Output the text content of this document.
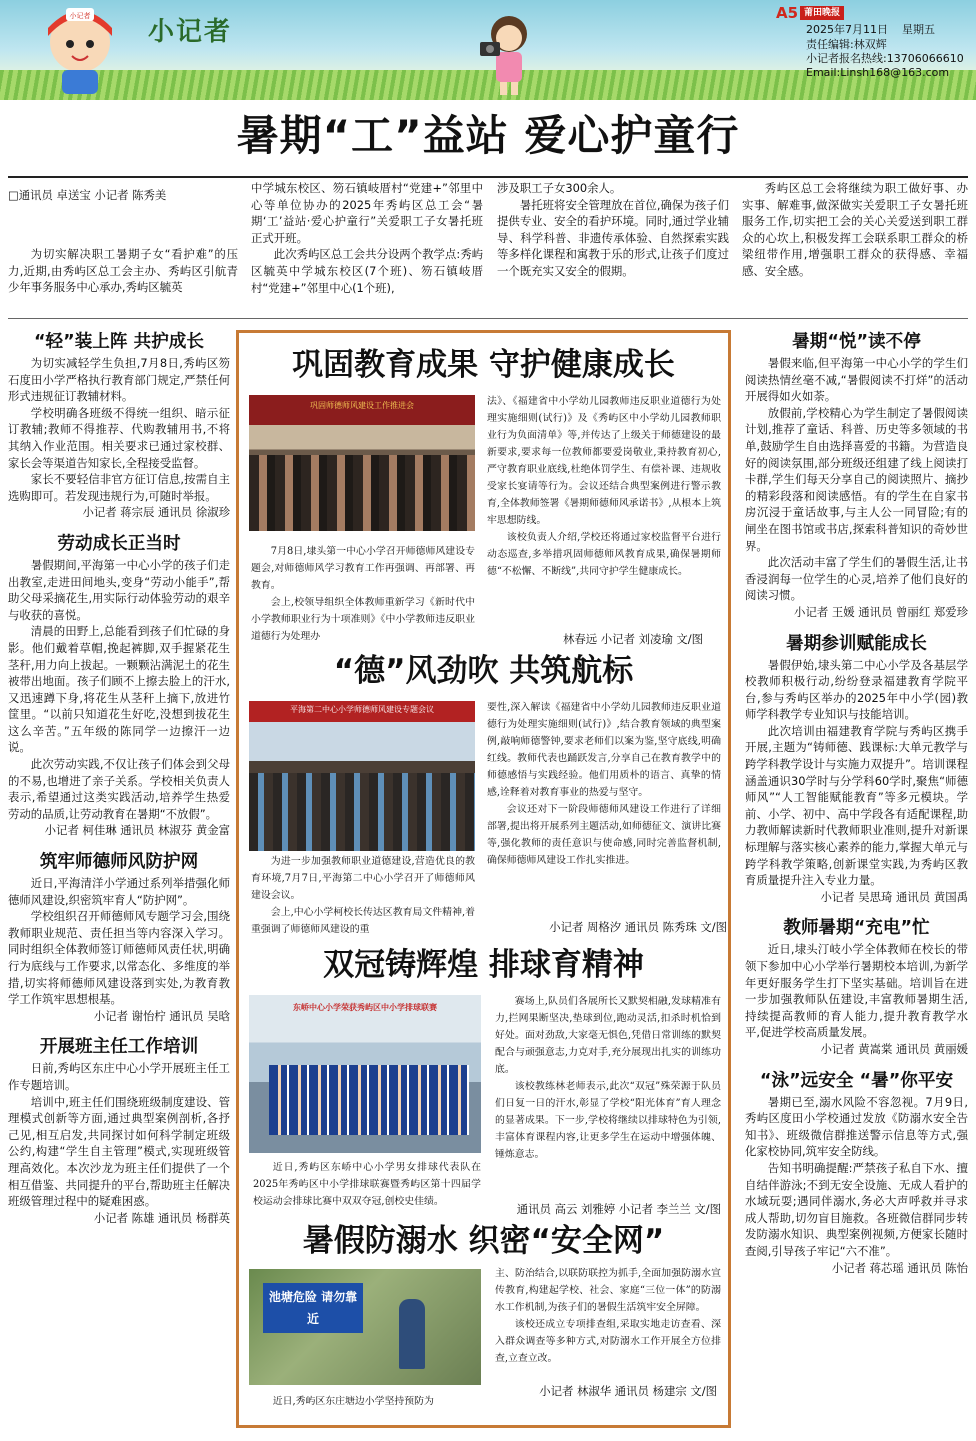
小记者
小记者
A5 莆田晚报
2025年7月11日 星期五
责任编辑:林双辉
小记者报名热线:13706066610
Email:Linsh168@163.com
暑期“工”益站 爱心护童行
□通讯员 卓送宝 小记者 陈秀美

为切实解决职工暑期子女“看护难”的压力,近期,由秀屿区总工会主办、秀屿区引航青少年事务服务中心承办,秀屿区毓英

中学城东校区、笏石镇岐厝村“党建+”邻里中心等单位协办的2025年秀屿区总工会“暑期‘工’益站·爱心护童行”关爱职工子女暑托班正式开班。

此次秀屿区总工会共分设两个教学点:秀屿区毓英中学城东校区(7个班)、笏石镇岐厝村“党建+”邻里中心(1个班),

涉及职工子女300余人。

暑托班将安全管理放在首位,确保为孩子们提供专业、安全的看护环境。同时,通过学业辅导、科学科普、非遗传承体验、自然探索实践等多样化课程和寓教于乐的形式,让孩子们度过一个既充实又安全的假期。

秀屿区总工会将继续为职工做好事、办实事、解难事,做深做实关爱职工子女暑托班服务工作,切实把工会的关心关爱送到职工群众的心坎上,积极发挥工会联系职工群众的桥梁纽带作用,增强职工群众的获得感、幸福感、安全感。

“轻”装上阵 共护成长

为切实减轻学生负担,7月8日,秀屿区笏石度田小学严格执行教育部门规定,严禁任何形式违规征订教辅材料。

学校明确各班级不得统一组织、暗示征订教辅;教师不得推荐、代购教辅用书,不将其纳入作业范围。相关要求已通过家校群、家长会等渠道告知家长,全程接受监督。

家长不要轻信非官方征订信息,按需自主选购即可。若发现违规行为,可随时举报。

小记者 蒋宗辰 通讯员 徐淑珍
劳动成长正当时

暑假期间,平海第一中心小学的孩子们走出教室,走进田间地头,变身“劳动小能手”,帮助父母采摘花生,用实际行动体验劳动的艰辛与收获的喜悦。

清晨的田野上,总能看到孩子们忙碌的身影。他们戴着草帽,挽起裤脚,双手握紧花生茎秆,用力向上拔起。一颗颗沾满泥土的花生被带出地面。孩子们顾不上擦去脸上的汗水,又迅速蹲下身,将花生从茎秆上摘下,放进竹筐里。“以前只知道花生好吃,没想到拔花生这么辛苦。”五年级的陈同学一边擦汗一边说。

此次劳动实践,不仅让孩子们体会到父母的不易,也增进了亲子关系。学校相关负责人表示,希望通过这类实践活动,培养学生热爱劳动的品质,让劳动教育在暑期“不放假”。

小记者 柯佳琳 通讯员 林淑芬 黄金富
筑牢师德师风防护网

近日,平海清洋小学通过系列举措强化师德师风建设,织密筑牢育人“防护网”。

学校组织召开师德师风专题学习会,围绕教师职业规范、责任担当等内容深入学习。同时组织全体教师签订师德师风责任状,明确行为底线与工作要求,以常态化、多维度的举措,切实将师德师风建设落到实处,为教育教学工作筑牢思想根基。

小记者 谢怡柠 通讯员 吴晗
开展班主任工作培训

日前,秀屿区东庄中心小学开展班主任工作专题培训。

培训中,班主任们围绕班级制度建设、管理模式创新等方面,通过典型案例剖析,各抒己见,相互启发,共同探讨如何科学制定班级公约,构建“学生自主管理”模式,实现班级管理高效化。本次沙龙为班主任们提供了一个相互借鉴、共同提升的平台,帮助班主任解决班级管理过程中的疑难困惑。

小记者 陈雄 通讯员 杨群英
暑期“悦”读不停

暑假来临,但平海第一中心小学的学生们阅读热情丝毫不减,“暑假阅读不打烊”的活动开展得如火如荼。

放假前,学校精心为学生制定了暑假阅读计划,推荐了童话、科普、历史等多领域的书单,鼓励学生自由选择喜爱的书籍。为营造良好的阅读氛围,部分班级还组建了线上阅读打卡群,学生们每天分享自己的阅读照片、摘抄的精彩段落和阅读感悟。有的学生在自家书房沉浸于童话故事,与主人公一同冒险;有的闸坐在图书馆或书店,探索科普知识的奇妙世界。

此次活动丰富了学生们的暑假生活,让书香浸润每一位学生的心灵,培养了他们良好的阅读习惯。

小记者 王媛 通讯员 曾丽红 郑爱珍
暑期参训赋能成长

暑假伊始,埭头第二中心小学及各基层学校教师积极行动,纷纷登录福建教育学院平台,参与秀屿区举办的2025年中小学(园)教师学科教学专业知识与技能培训。

此次培训由福建教育学院与秀屿区携手开展,主题为“铸师德、践课标:大单元教学与跨学科教学设计与实施力双提升”。培训课程涵盖通识30学时与分学科60学时,聚焦“师德师风”“人工智能赋能教育”等多元模块。学前、小学、初中、高中学段各有适配课程,助力教师解读新时代教师职业准则,提升对新课标理解与落实核心素养的能力,掌握大单元与跨学科教学策略,创新课堂实践,为秀屿区教育质量提升注入专业力量。

小记者 吴思琦 通讯员 黄国禹
教师暑期“充电”忙

近日,埭头汀岐小学全体教师在校长的带领下参加中心小学举行暑期校本培训,为新学年更好服务学生打下坚实基础。培训旨在进一步加强教师队伍建设,丰富教师暑期生活,持续提高教师的育人能力,提升教育教学水平,促进学校高质量发展。

小记者 黄嵩棠 通讯员 黄丽媛
“泳”远安全 “暑”你平安

暑期已至,溺水风险不容忽视。7月9日,秀屿区度田小学校通过发放《防溺水安全告知书》、班级微信群推送警示信息等方式,强化家校协同,筑牢安全防线。

告知书明确提醒:严禁孩子私自下水、擅自结伴游泳;不到无安全设施、无成人看护的水域玩耍;遇同伴溺水,务必大声呼救并寻求成人帮助,切勿盲目施救。各班微信群同步转发防溺水知识、典型案例视频,方便家长随时查阅,引导孩子牢记“六不准”。

小记者 蒋芯瑶 通讯员 陈怡
巩固教育成果 守护健康成长
巩固师德师风建设工作推进会

7月8日,埭头第一中心小学召开师德师风建设专题会,对师德师风学习教育工作再强调、再部署、再教育。

会上,校领导组织全体教师重新学习《新时代中小学教师职业行为十项准则》《中小学教师违反职业道德行为处理办

法》、《福建省中小学幼儿园教师违反职业道德行为处理实施细则(试行)》及《秀屿区中小学幼儿园教师职业行为负面清单》等,并传达了上级关于师德建设的最新要求,要求每一位教师都要爱岗敬业,秉持教育初心,严守教育职业底线,杜绝体罚学生、有偿补课、违规收受家长宴请等行为。会议还结合典型案例进行警示教育,全体教师签署《暑期师德师风承诺书》,从根本上筑牢思想防线。

该校负责人介绍,学校还将通过家校监督平台进行动态巡查,多举措巩固师德师风教育成果,确保暑期师德“不松懈、不断线”,共同守护学生健康成长。

林春远 小记者 刘凌瑜 文/图
“德”风劲吹 共筑航标
平海第二中心小学师德师风建设专题会议

为进一步加强教师职业道德建设,营造优良的教育环境,7月7日,平海第二中心小学召开了师德师风建设会议。

会上,中心小学柯校长传达区教育局文件精神,着重强调了师德师风建设的重

要性,深入解读《福建省中小学幼儿园教师违反职业道德行为处理实施细则(试行)》,结合教育领域的典型案例,敲响师德警钟,要求老师们以案为鉴,坚守底线,明确红线。教师代表也踊跃发言,分享自己在教育教学中的师德感悟与实践经验。他们用质朴的语言、真挚的情感,诠释着对教育事业的热爱与坚守。

会议还对下一阶段师德师风建设工作进行了详细部署,提出将开展系列主题活动,如师德征文、演讲比赛等,强化教师的责任意识与使命感,同时完善监督机制,确保师德师风建设工作扎实推进。

小记者 周格汐 通讯员 陈秀珠 文/图
双冠铸辉煌 排球育精神
东峤中心小学荣获秀屿区中小学排球联赛

近日,秀屿区东峤中心小学男女排球代表队在2025年秀屿区中小学排球联赛暨秀屿区第十四届学校运动会排球比赛中双双夺冠,创校史佳绩。

赛场上,队员们各展所长又默契相融,发球精准有力,拦网果断坚决,垫球到位,跑动灵活,扣杀时机恰到好处。面对劲敌,大家毫无惧色,凭借日常训练的默契配合与顽强意志,力克对手,充分展现出扎实的训练功底。

该校教练林老师表示,此次“双冠”殊荣源于队员们日复一日的汗水,彰显了学校“阳光体育”育人理念的显著成果。下一步,学校将继续以排球特色为引领,丰富体育课程内容,让更多学生在运动中增强体魄、锤炼意志。

通讯员 高云 刘雅婷 小记者 李兰兰 文/图
暑假防溺水 织密“安全网”
池塘危险 请勿靠近

近日,秀屿区东庄塘边小学坚持预防为

主、防治结合,以联防联控为抓手,全面加强防溺水宣传教育,构建起学校、社会、家庭“三位一体”的防溺水工作机制,为孩子们的暑假生活筑牢安全屏障。

该校还成立专项排查组,采取实地走访查看、深入群众调查等多种方式,对防溺水工作开展全方位排查,立查立改。

小记者 林淑华 通讯员 杨建宗 文/图
